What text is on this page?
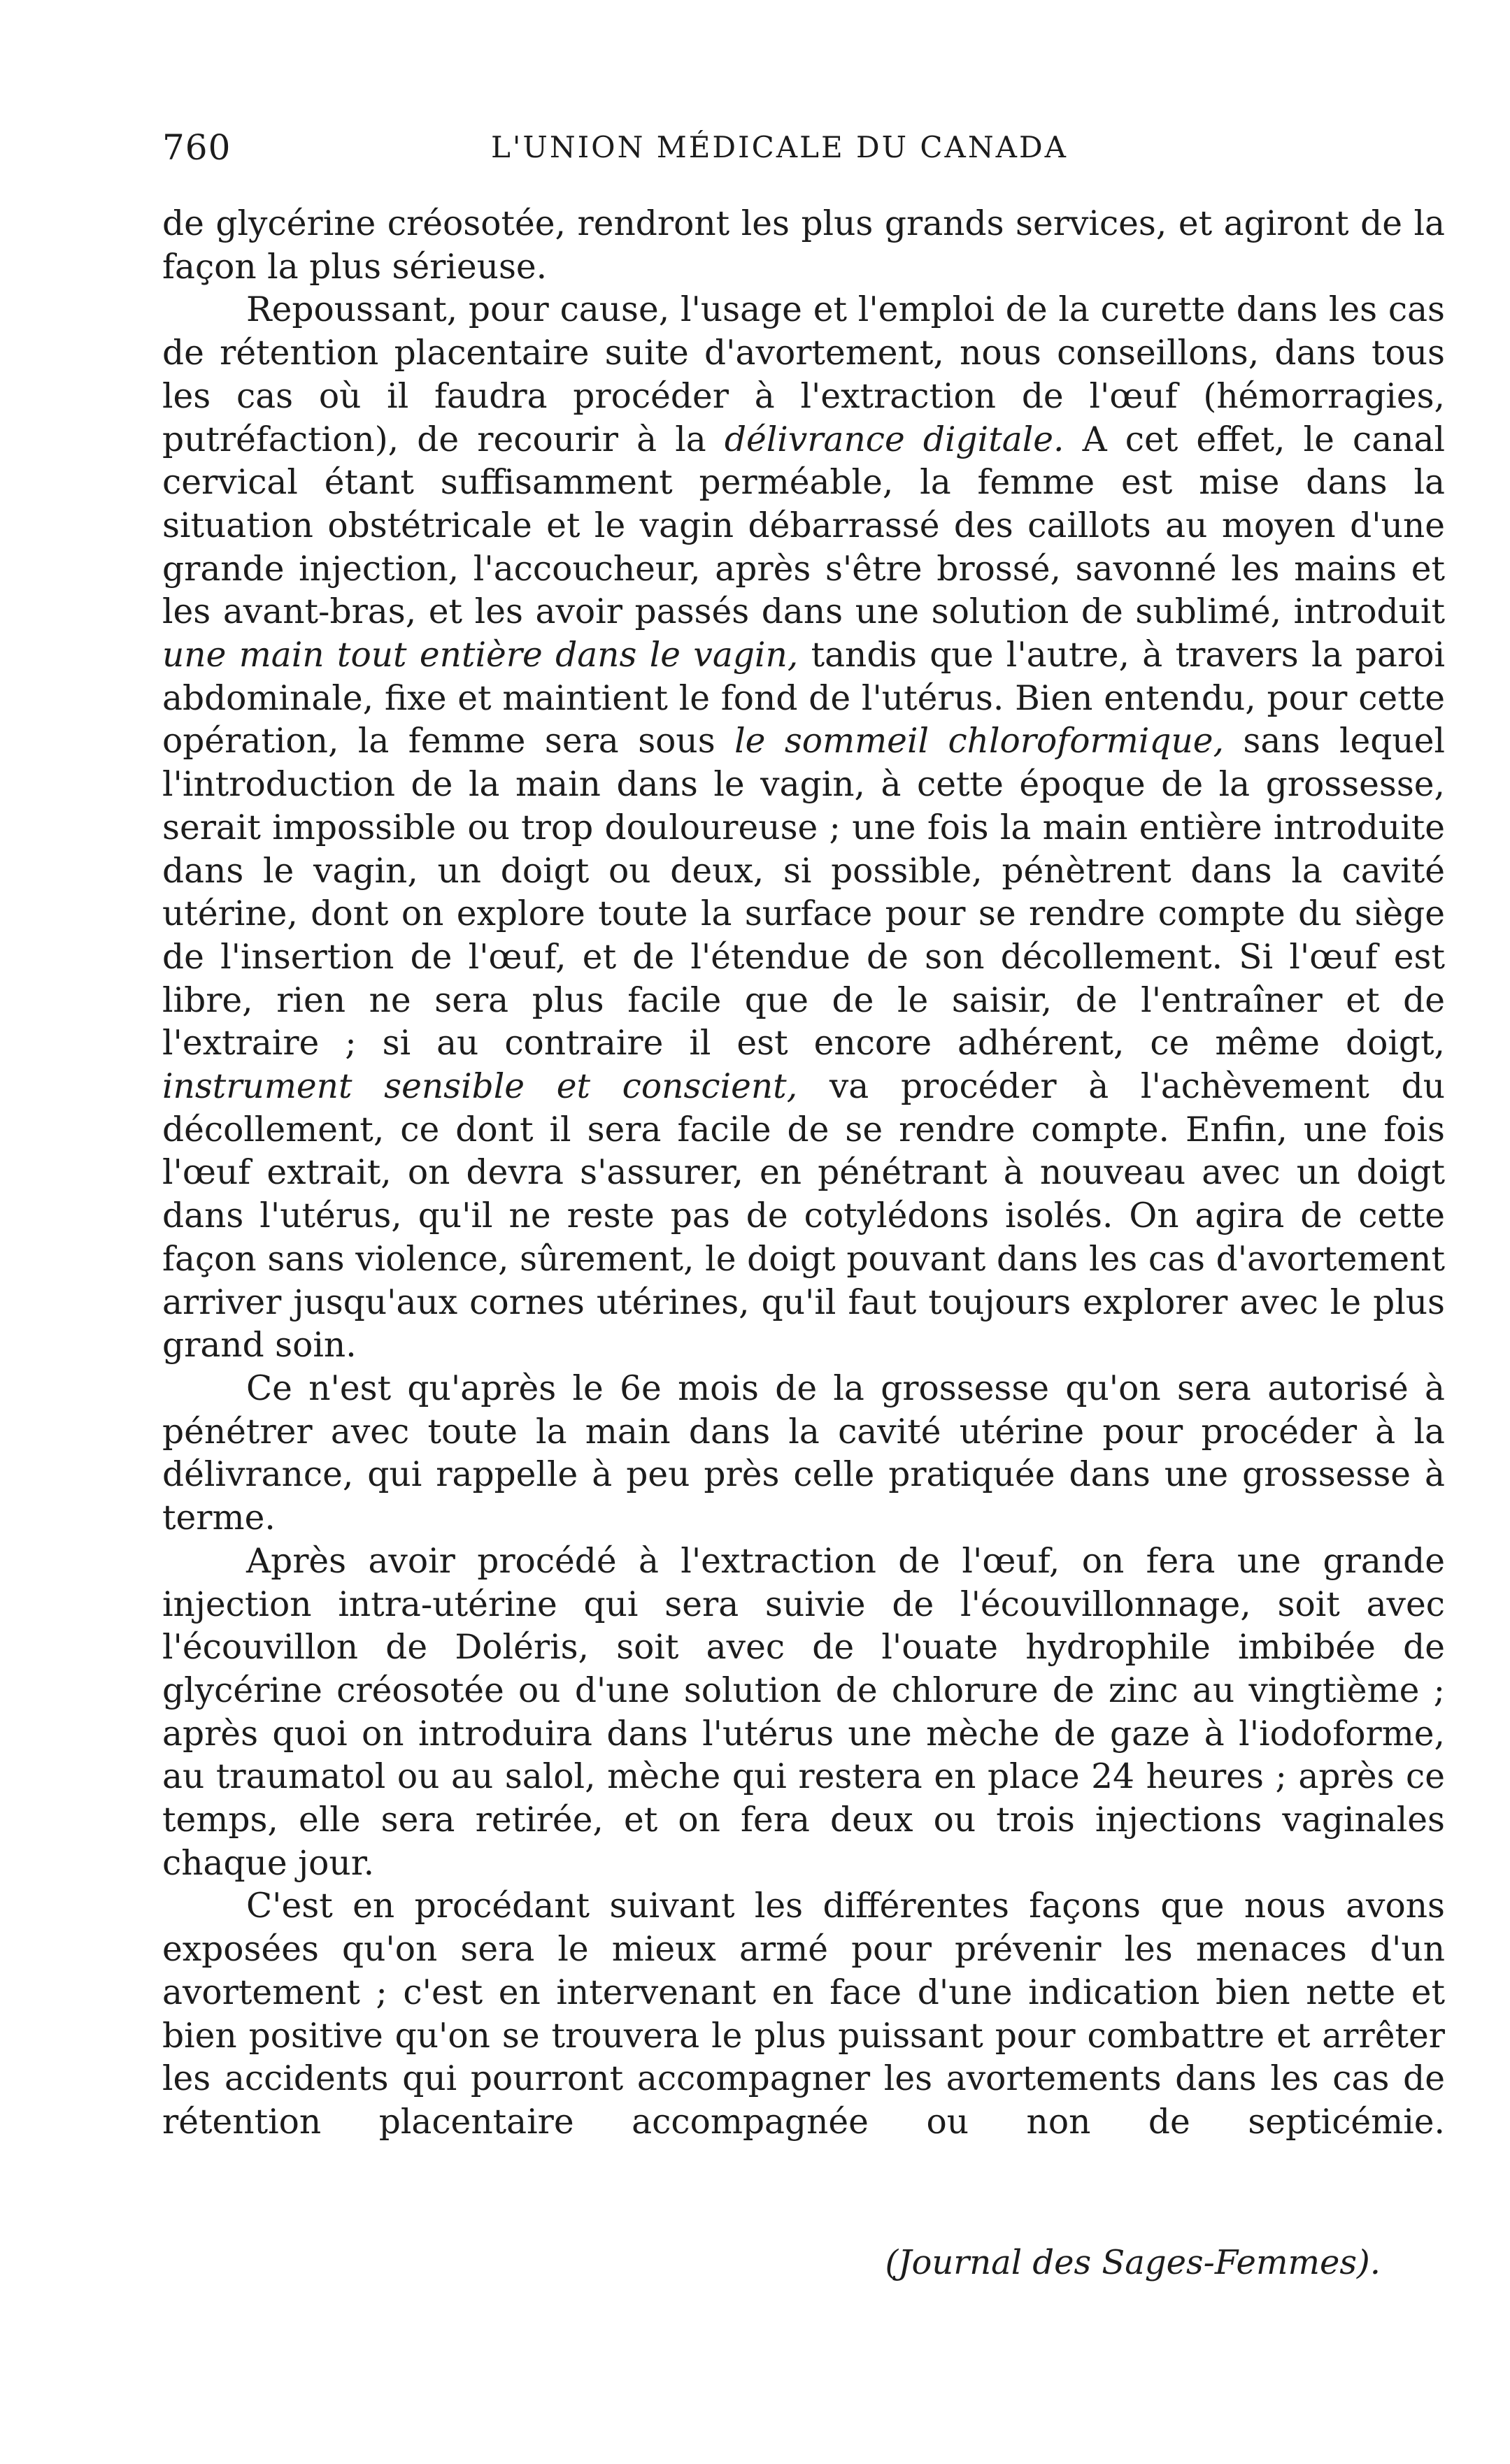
760	L'UNION MÉDICALE DU CANADA

de glycérine créosotée, rendront les plus grands services, et agiront de la façon la plus sérieuse.

Repoussant, pour cause, l'usage et l'emploi de la curette dans les cas de rétention placentaire suite d'avortement, nous conseillons, dans tous les cas où il faudra procéder à l'extraction de l'œuf (hémorragies, putréfaction), de recourir à la délivrance digitale. A cet effet, le canal cervical étant suffisamment perméable, la femme est mise dans la situation obstétricale et le vagin débarrassé des caillots au moyen d'une grande injection, l'accoucheur, après s'être brossé, savonné les mains et les avant-bras, et les avoir passés dans une solution de sublimé, introduit une main tout entière dans le vagin, tandis que l'autre, à travers la paroi abdominale, fixe et maintient le fond de l'utérus. Bien entendu, pour cette opération, la femme sera sous le sommeil chloroformique, sans lequel l'introduction de la main dans le vagin, à cette époque de la grossesse, serait impossible ou trop douloureuse ; une fois la main entière introduite dans le vagin, un doigt ou deux, si possible, pénètrent dans la cavité utérine, dont on explore toute la surface pour se rendre compte du siège de l'insertion de l'œuf, et de l'étendue de son décollement. Si l'œuf est libre, rien ne sera plus facile que de le saisir, de l'entraîner et de l'extraire ; si au contraire il est encore adhérent, ce même doigt, instrument sensible et conscient, va procéder à l'achèvement du décollement, ce dont il sera facile de se rendre compte. Enfin, une fois l'œuf extrait, on devra s'assurer, en pénétrant à nouveau avec un doigt dans l'utérus, qu'il ne reste pas de cotylédons isolés. On agira de cette façon sans violence, sûrement, le doigt pouvant dans les cas d'avortement arriver jusqu'aux cornes utérines, qu'il faut toujours explorer avec le plus grand soin.

Ce n'est qu'après le 6e mois de la grossesse qu'on sera autorisé à pénétrer avec toute la main dans la cavité utérine pour procéder à la délivrance, qui rappelle à peu près celle pratiquée dans une grossesse à terme.

Après avoir procédé à l'extraction de l'œuf, on fera une grande injection intra-utérine qui sera suivie de l'écouvillonnage, soit avec l'écouvillon de Doléris, soit avec de l'ouate hydrophile imbibée de glycérine créosotée ou d'une solution de chlorure de zinc au vingtième ; après quoi on introduira dans l'utérus une mèche de gaze à l'iodoforme, au traumatol ou au salol, mèche qui restera en place 24 heures ; après ce temps, elle sera retirée, et on fera deux ou trois injections vaginales chaque jour.

C'est en procédant suivant les différentes façons que nous avons exposées qu'on sera le mieux armé pour prévenir les menaces d'un avortement ; c'est en intervenant en face d'une indication bien nette et bien positive qu'on se trouvera le plus puissant pour combattre et arrêter les accidents qui pourront accompagner les avortements dans les cas de rétention placentaire accompagnée ou non de septicémie.

(Journal des Sages-Femmes).
